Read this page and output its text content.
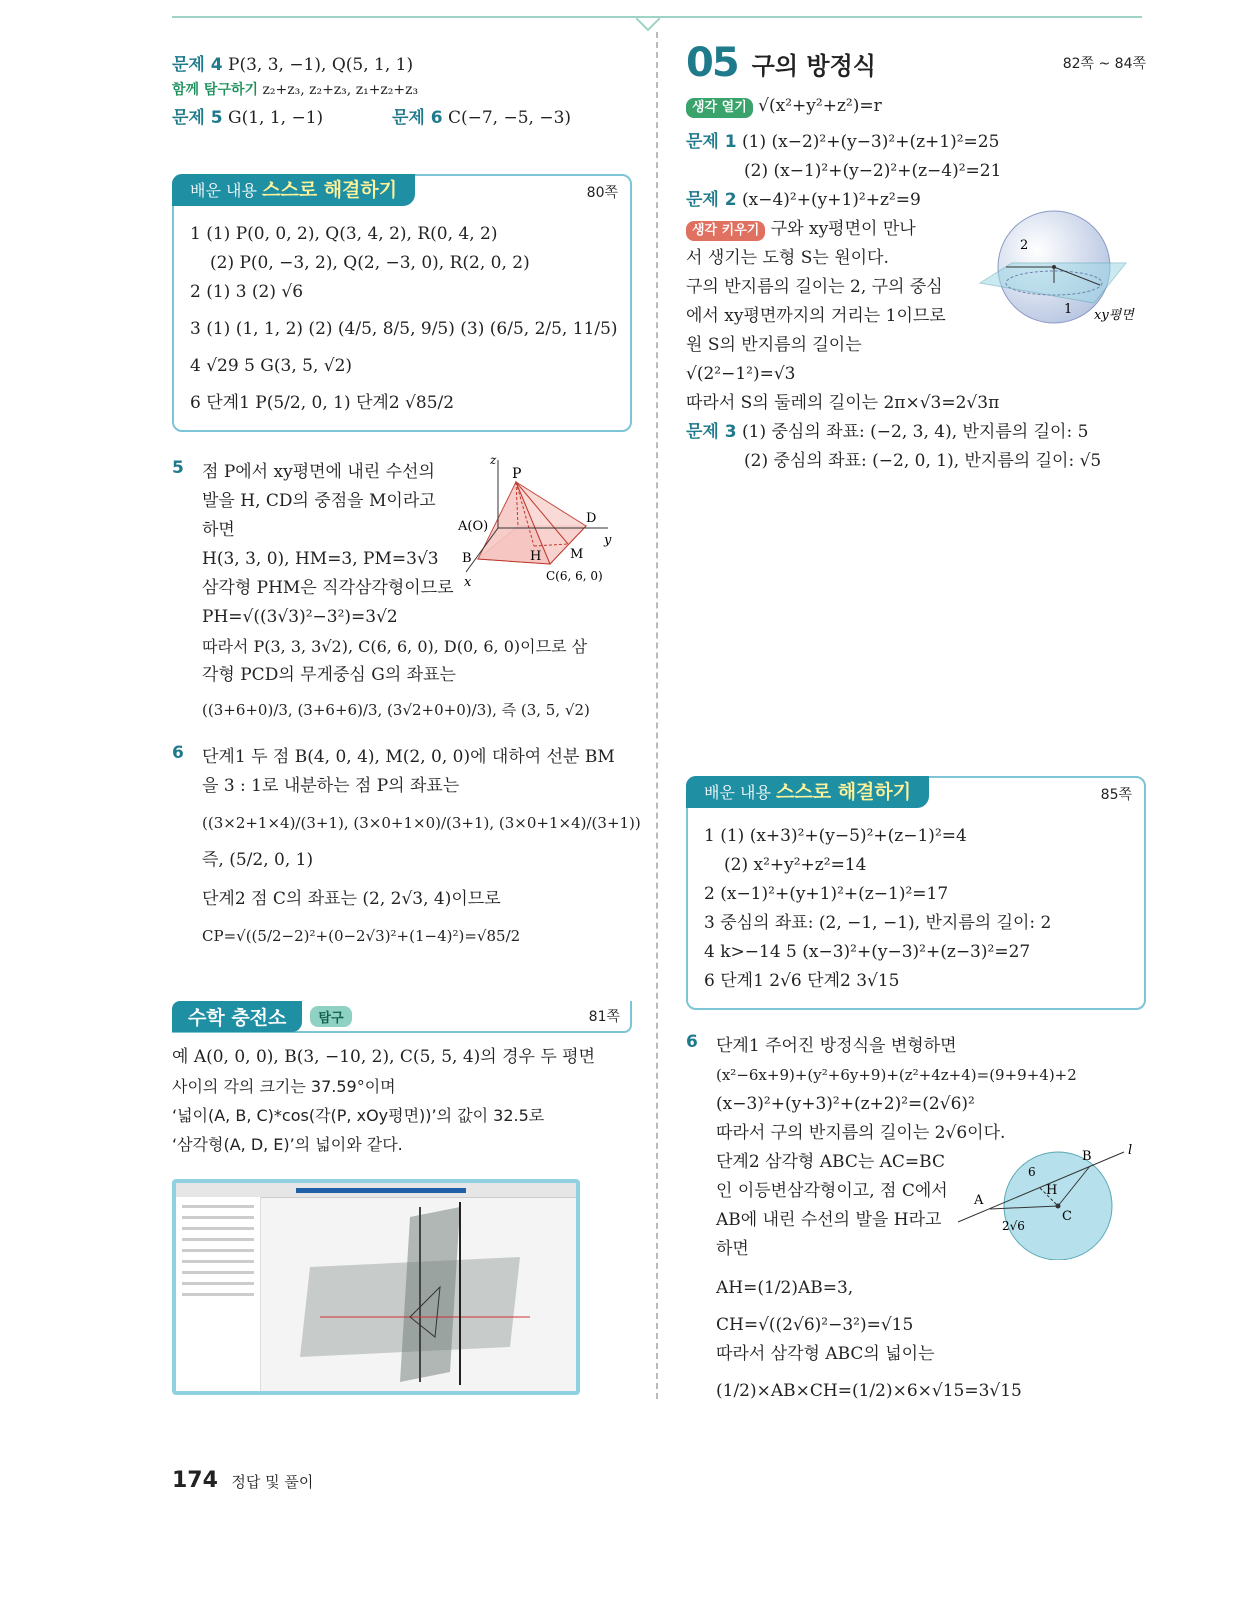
문제 4 P(3, 3, −1), Q(5, 1, 1)

함께 탐구하기 z₂+z₃, z₂+z₃, z₁+z₂+z₃

문제 5 G(1, 1, −1)	문제 6 C(−7, −5, −3)

배운 내용 스스로 해결하기	80쪽

1 (1) P(0, 0, 2), Q(3, 4, 2), R(0, 4, 2)

(2) P(0, −3, 2), Q(2, −3, 0), R(2, 0, 2)

2 (1) 3 (2) √6

3 (1) (1, 1, 2) (2) (4/5, 8/5, 9/5) (3) (6/5, 2/5, 11/5)

4 √29 5 G(3, 5, √2)

6 단계1 P(5/2, 0, 1) 단계2 √85/2

5 점 P에서 xy평면에 내린 수선의

발을 H, CD의 중점을 M이라고

하면

H(3, 3, 0), HM=3, PM=3√3

삼각형 PHM은 직각삼각형이므로

PH=√((3√3)²−3²)=3√2

따라서 P(3, 3, 3√2), C(6, 6, 0), D(0, 6, 0)이므로 삼

각형 PCD의 무게중심 G의 좌표는

((3+6+0)/3, (3+6+6)/3, (3√2+0+0)/3), 즉 (3, 5, √2)

z
P
A(O)
D
y
B	H M
x	C(6, 6, 0)
6 단계1 두 점 B(4, 0, 4), M(2, 0, 0)에 대하여 선분 BM

을 3 : 1로 내분하는 점 P의 좌표는

((3×2+1×4)/(3+1), (3×0+1×0)/(3+1), (3×0+1×4)/(3+1))

즉, (5/2, 0, 1)

단계2 점 C의 좌표는 (2, 2√3, 4)이므로

CP=√((5/2−2)²+(0−2√3)²+(1−4)²)=√85/2

수학 충전소	탐구	81쪽

예 A(0, 0, 0), B(3, −10, 2), C(5, 5, 4)의 경우 두 평면

사이의 각의 크기는 37.59°이며

‘넓이(A, B, C)*cos(각(P, xOy평면))’의 값이 32.5로

‘삼각형(A, D, E)’의 넓이와 같다.

05 구의 방정식	82쪽 ~ 84쪽

생각 열기 √(x²+y²+z²)=r

문제 1 (1) (x−2)²+(y−3)²+(z+1)²=25

(2) (x−1)²+(y−2)²+(z−4)²=21

문제 2 (x−4)²+(y+1)²+z²=9

생각 키우기 구와 xy평면이 만나

서 생기는 도형 S는 원이다.

구의 반지름의 길이는 2, 구의 중심

에서 xy평면까지의 거리는 1이므로

원 S의 반지름의 길이는

√(2²−1²)=√3

따라서 S의 둘레의 길이는 2π×√3=2√3π

2
1 xy평면

문제 3 (1) 중심의 좌표: (−2, 3, 4), 반지름의 길이: 5

(2) 중심의 좌표: (−2, 0, 1), 반지름의 길이: √5

배운 내용 스스로 해결하기	85쪽

1 (1) (x+3)²+(y−5)²+(z−1)²=4

(2) x²+y²+z²=14

2 (x−1)²+(y+1)²+(z−1)²=17

3 중심의 좌표: (2, −1, −1), 반지름의 길이: 2

4 k>−14 5 (x−3)²+(y−3)²+(z−3)²=27

6 단계1 2√6 단계2 3√15

6 단계1 주어진 방정식을 변형하면

(x²−6x+9)+(y²+6y+9)+(z²+4z+4)=(9+9+4)+2

(x−3)²+(y+3)²+(z+2)²=(2√6)²

따라서 구의 반지름의 길이는 2√6이다.

단계2 삼각형 ABC는 AC=BC

인 이등변삼각형이고, 점 C에서

AB에 내린 수선의 발을 H라고

하면

AH=(1/2)AB=3,

CH=√((2√6)²−3²)=√15

따라서 삼각형 ABC의 넓이는

(1/2)×AB×CH=(1/2)×6×√15=3√15

A
B
C
H
l
6
2√6
174 정답 및 풀이
